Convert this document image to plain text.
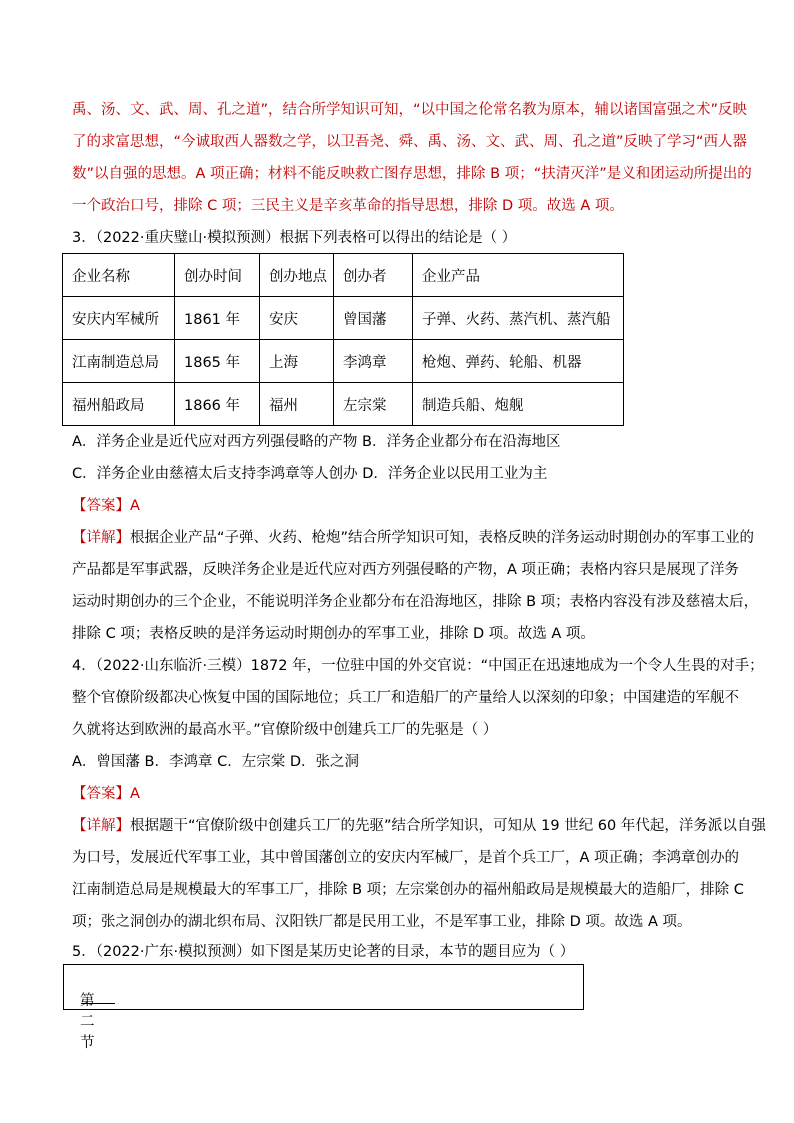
禹、汤、文、武、周、孔之道”，结合所学知识可知，“以中国之伦常名教为原本，辅以诸国富强之术”反映
了的求富思想，“今诚取西人器数之学，以卫吾尧、舜、禹、汤、文、武、周、孔之道”反映了学习“西人器
数”以自强的思想。A 项正确；材料不能反映救亡图存思想，排除 B 项；“扶清灭洋”是义和团运动所提出的
一个政治口号，排除 C 项；三民主义是辛亥革命的指导思想，排除 D 项。故选 A 项。
3．（2022·重庆璧山·模拟预测）根据下列表格可以得出的结论是（ ）
企业名称	创办时间	创办地点	创办者	企业产品
安庆内军械所	1861 年	安庆	曾国藩	子弹、火药、蒸汽机、蒸汽船
江南制造总局	1865 年	上海	李鸿章	枪炮、弹药、轮船、机器
福州船政局	1866 年	福州	左宗棠	制造兵船、炮舰
A．洋务企业是近代应对西方列强侵略的产物 B．洋务企业都分布在沿海地区
C．洋务企业由慈禧太后支持李鸿章等人创办 D．洋务企业以民用工业为主
【答案】A
【详解】根据企业产品“子弹、火药、枪炮”结合所学知识可知，表格反映的洋务运动时期创办的军事工业的
产品都是军事武器，反映洋务企业是近代应对西方列强侵略的产物，A 项正确；表格内容只是展现了洋务
运动时期创办的三个企业，不能说明洋务企业都分布在沿海地区，排除 B 项；表格内容没有涉及慈禧太后，
排除 C 项；表格反映的是洋务运动时期创办的军事工业，排除 D 项。故选 A 项。
4．（2022·山东临沂·三模）1872 年，一位驻中国的外交官说：“中国正在迅速地成为一个令人生畏的对手；
整个官僚阶级都决心恢复中国的国际地位；兵工厂和造船厂的产量给人以深刻的印象；中国建造的军舰不
久就将达到欧洲的最高水平。”官僚阶级中创建兵工厂的先驱是（ ）
A．曾国藩 B．李鸿章 C．左宗棠 D．张之洞
【答案】A
【详解】根据题干“官僚阶级中创建兵工厂的先驱”结合所学知识，可知从 19 世纪 60 年代起，洋务派以自强
为口号，发展近代军事工业，其中曾国藩创立的安庆内军械厂，是首个兵工厂，A 项正确；李鸿章创办的
江南制造总局是规模最大的军事工厂，排除 B 项；左宗棠创办的福州船政局是规模最大的造船厂，排除 C
项；张之洞创办的湖北织布局、汉阳铁厂都是民用工业，不是军事工业，排除 D 项。故选 A 项。
5．（2022·广东·模拟预测）如下图是某历史论著的目录，本节的题目应为（ ）
第二节
